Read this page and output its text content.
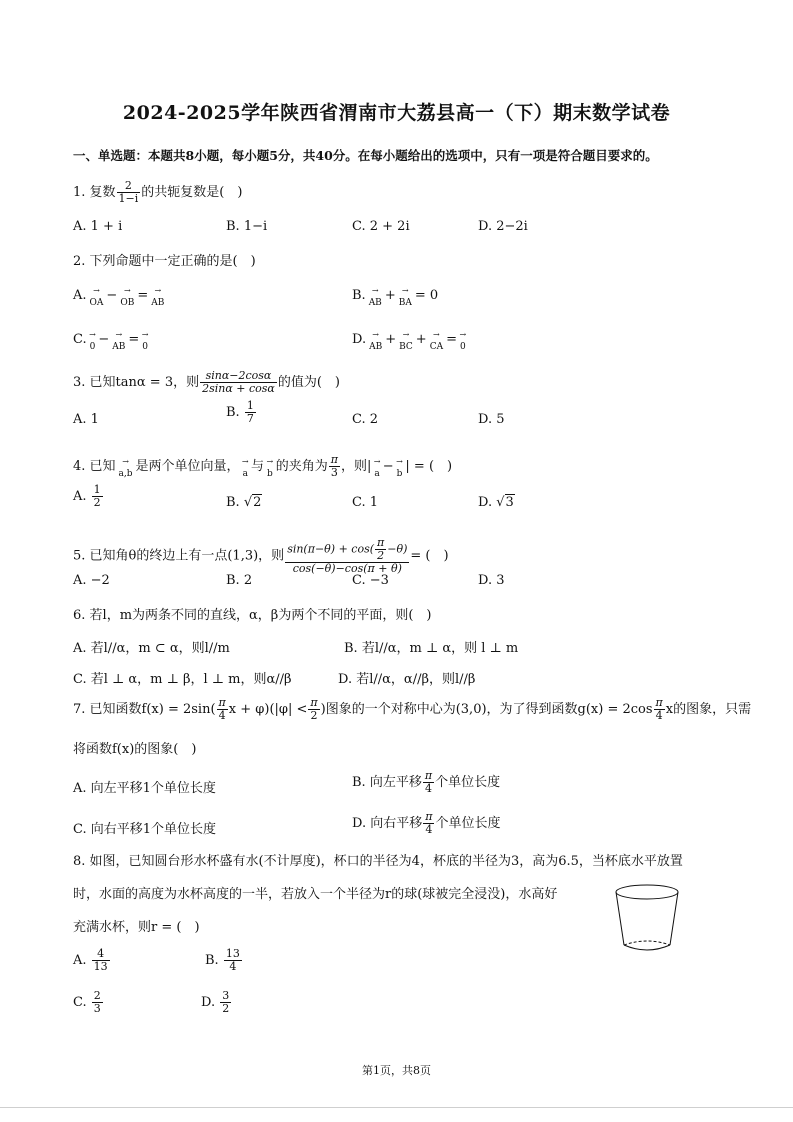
2024-2025学年陕西省渭南市大荔县高一（下）期末数学试卷
一、单选题：本题共8小题，每小题5分，共40分。在每小题给出的选项中，只有一项是符合题目要求的。
1. 复数 $\frac{2}{1-i}$ 的共轭复数是(　)
A. 1 + i	B. 1−i	C. 2 + 2i	D. 2−2i
2. 下列命题中一定正确的是(　)
A. → OA − → OB = → AB	B. → AB + → BA = 0
C. → 0 − → AB = → 0	D. → AB + → BC + → CA = → 0
3. 已知tanα = 3，则 $\frac{\sin\alpha-2\cos\alpha}{2\sin\alpha + \cos\alpha}$ 的值为(　)
A. 1	B. $\frac{1}{7}$	C. 2	D. 5
4. 已知 → a,b 是两个单位向量， → a 与 → b 的夹角为 $\frac{\pi}{3}$ ，则| → a − → b | = (　)
A. $\frac{1}{2}$	B. √2	C. 1	D. √3
5. 已知角θ的终边上有一点(1,3)，则 $\frac{\sin(\pi-\theta) + \cos( \frac{\pi}{2} -\theta)}{\cos(-\theta)-\cos(\pi + \theta)}$ = (　)
A. −2	B. 2	C. −3	D. 3
6. 若l，m为两条不同的直线，α，β为两个不同的平面，则(　)
A. 若l//α，m ⊂ α，则l//m	B. 若l//α，m ⊥ α，则 l ⊥ m
C. 若l ⊥ α，m ⊥ β，l ⊥ m，则α//β	D. 若l//α，α//β，则l//β
7. 已知函数$f(x) = 2\sin( \frac{\pi}{4}$ $x + \varphi)(|\varphi| < \frac{\pi}{2}$ )图象的一个对称中心为(3,0)，为了得到函数$g(x) = 2\cos \frac{\pi}{4}$ x的图象，只需
将函数f(x)的图象(　)
A. 向左平移1个单位长度	B. 向左平移 $\frac{\pi}{4}$ 个单位长度
C. 向右平移1个单位长度	D. 向右平移 $\frac{\pi}{4}$ 个单位长度
8. 如图，已知圆台形水杯盛有水(不计厚度)，杯口的半径为4，杯底的半径为3，高为6.5，当杯底水平放置
时，水面的高度为水杯高度的一半，若放入一个半径为r的球(球被完全浸没)，水高好
充满水杯，则r = (　)
A. $\frac{4}{13}$	B. $\frac{13}{4}$
C. $\frac{2}{3}$	D. $\frac{3}{2}$
第1页，共8页
